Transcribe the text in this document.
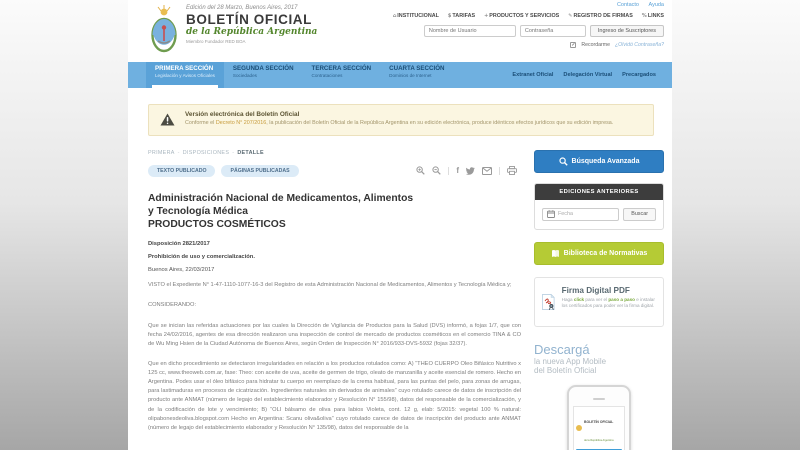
Edición del 28 Marzo, Buenos Aires, 2017
BOLETÍN OFICIAL
de la República Argentina
Miembro Fundador RED BOA
Contacto Ayuda
⌂INSTITUCIONAL $TARIFAS +PRODUCTOS Y SERVICIOS ✎REGISTRO DE FIRMAS %LINKS
Nombre de Usuario
Contraseña
Ingreso de Suscriptores
✓ Recordarme ¿Olvidó Contraseña?
PRIMERA SECCIÓN
Legislación y Avisos Oficiales
SEGUNDA SECCIÓN
Sociedades
TERCERA SECCIÓN
Contrataciones
CUARTA SECCIÓN
Dominios de Internet	Extranet Oficial Delegación Virtual Precargados
Versión electrónica del Boletín Oficial
Conforme el Decreto N° 207/2016, la publicación del Boletín Oficial de la República Argentina en su edición electrónica, produce idénticos efectos jurídicos que su edición impresa.
PRIMERA - DISPOSICIONES - DETALLE
TEXTO PUBLICADO	PÁGINAS PUBLICADAS	f
Administración Nacional de Medicamentos, Alimentos
y Tecnología Médica
PRODUCTOS COSMÉTICOS
Disposición 2821/2017
Prohibición de uso y comercialización.
Buenos Aires, 22/03/2017

VISTO el Expediente N° 1-47-1110-1077-16-3 del Registro de esta Administración Nacional de Medicamentos, Alimentos y Tecnología Médica y;

CONSIDERANDO:

Que se inician las referidas actuaciones por las cuales la Dirección de Vigilancia de Productos para la Salud (DVS) informó, a fojas 1/7, que con fecha 24/02/2016, agentes de esa dirección realizaron una inspección de control de mercado de productos cosméticos en el comercio TINA & CO de Wu Ming Hsien de la Ciudad Autónoma de Buenos Aires, según Orden de Inspección N° 2016/933-DVS-5932 (fojas 32/37).

Que en dicho procedimiento se detectaron irregularidades en relación a los productos rotulados como: A) “THEO CUERPO Oleo Bifásico Nutritivo x 125 cc, www.theoweb.com.ar, fase: Theo: con aceite de uva, aceite de germen de trigo, oleato de manzanilla y aceite esencial de romero. Hecho en Argentina. Podes usar el óleo bifásico para hidratar tu cuerpo en reemplazo de la crema habitual, para las puntas del pelo, para zonas de arrugas, para lastimaduras en procesos de cicatrización. Ingredientes naturales sin derivados de animales” cuyo rotulado carece de datos de inscripción del producto ante ANMAT (número de legajo del establecimiento elaborador y Resolución N° 155/98), datos del responsable de la comercialización, y de la codificación de lote y vencimiento; B) “OLI bálsamo de oliva para labios Violeta, cont. 12 g, elab: 5/2015: vegetal 100 % natural: olipabonesdeoliva.blogspot.com Hecho en Argentina: Scanu oliva&oliva” cuyo rotulado carece de datos de inscripción del producto ante ANMAT (número de legajo del establecimiento elaborador y Resolución N° 135/98), datos del responsable de la

Búsqueda Avanzada
EDICIONES ANTERIORES
Fecha	Buscar
Biblioteca de Normativas
Firma Digital PDF
Haga click para ver el paso a paso e instalar los certificados para poder ver la firma digital.
Descargá
la nueva App Mobile
del Boletín Oficial
BOLETÍN OFICIAL
de la República Argentina
